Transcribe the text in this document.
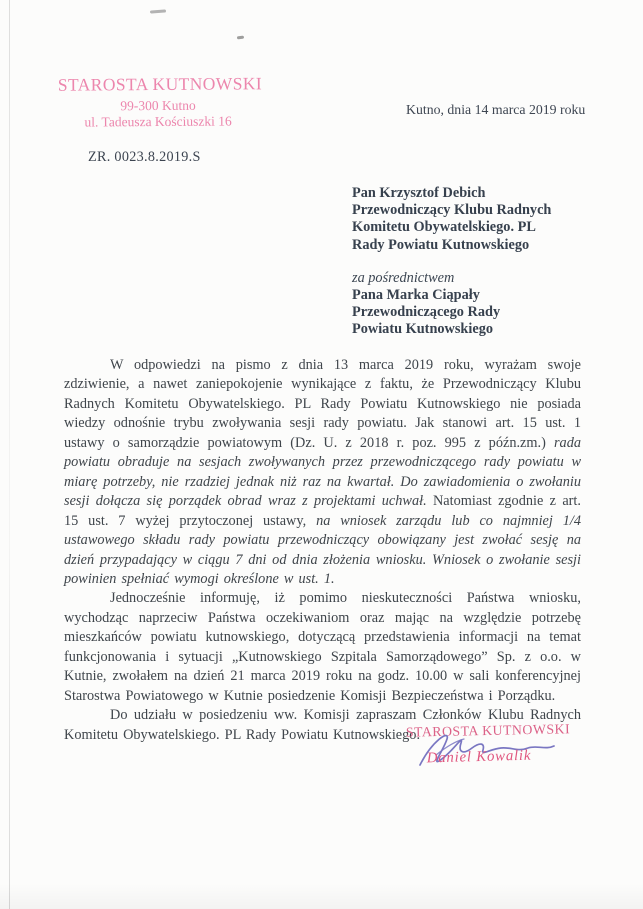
STAROSTA KUTNOWSKI
99-300 Kutno
ul. Tadeusza Kościuszki 16
Kutno, dnia 14 marca 2019 roku
ZR. 0023.8.2019.S
Pan Krzysztof Debich
Przewodniczący Klubu Radnych
Komitetu Obywatelskiego. PL
Rady Powiatu Kutnowskiego
za pośrednictwem
Pana Marka Ciąpały
Przewodniczącego Rady
Powiatu Kutnowskiego

W odpowiedzi na pismo z dnia 13 marca 2019 roku, wyrażam swoje zdziwienie, a nawet zaniepokojenie wynikające z faktu, że Przewodniczący Klubu Radnych Komitetu Obywatelskiego. PL Rady Powiatu Kutnowskiego nie posiada wiedzy odnośnie trybu zwoływania sesji rady powiatu. Jak stanowi art. 15 ust. 1 ustawy o samorządzie powiatowym (Dz. U. z 2018 r. poz. 995 z późn.zm.) rada powiatu obraduje na sesjach zwoływanych przez przewodniczącego rady powiatu w miarę potrzeby, nie rzadziej jednak niż raz na kwartał. Do zawiadomienia o zwołaniu sesji dołącza się porządek obrad wraz z projektami uchwał. Natomiast zgodnie z art. 15 ust. 7 wyżej przytoczonej ustawy, na wniosek zarządu lub co najmniej 1/4 ustawowego składu rady powiatu przewodniczący obowiązany jest zwołać sesję na dzień przypadający w ciągu 7 dni od dnia złożenia wniosku. Wniosek o zwołanie sesji powinien spełniać wymogi określone w ust. 1.

Jednocześnie informuję, iż pomimo nieskuteczności Państwa wniosku, wychodząc naprzeciw Państwa oczekiwaniom oraz mając na względzie potrzebę mieszkańców powiatu kutnowskiego, dotyczącą przedstawienia informacji na temat funkcjonowania i sytuacji „Kutnowskiego Szpitala Samorządowego” Sp. z o.o. w Kutnie, zwołałem na dzień 21 marca 2019 roku na godz. 10.00 w sali konferencyjnej Starostwa Powiatowego w Kutnie posiedzenie Komisji Bezpieczeństwa i Porządku.

Do udziału w posiedzeniu ww. Komisji zapraszam Członków Klubu Radnych Komitetu Obywatelskiego. PL Rady Powiatu Kutnowskiego.

STAROSTA KUTNOWSKI
Daniel Kowalik
